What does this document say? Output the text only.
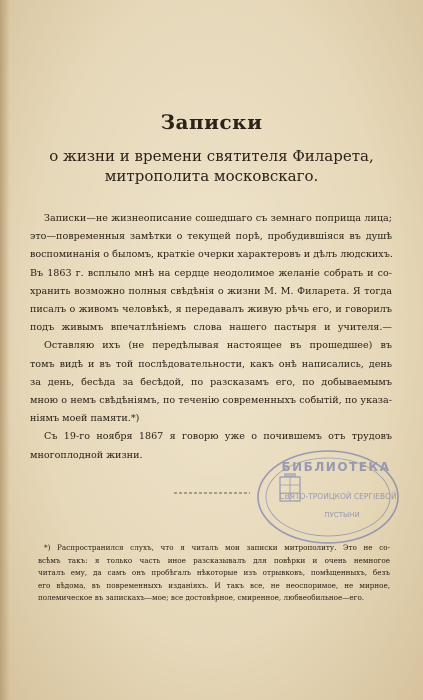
Записки
о жизни и времени святителя Филарета,
митрополита московскаго.
Записки—не жизнеописание сошедшаго съ земнаго поприща лица;
это—повременныя замѣтки о текущей порѣ, пробудившіяся въ душѣ
воспоминанія о быломъ, краткіе очерки характеровъ и дѣлъ людскихъ.
Въ 1863 г. всплыло мнѣ на сердце неодолимое желаніе собрать и со-
хранить возможно полныя свѣдѣнія о жизни М. М. Филарета. Я тогда
писалъ о живомъ человѣкѣ, я передавалъ живую рѣчь его, и говорилъ
подъ живымъ впечатлѣніемъ слова нашего пастыря и учителя.—
Оставляю ихъ (не передѣлывая настоящее въ прошедшее) въ
томъ видѣ и въ той послѣдовательности, какъ онѣ написались, день
за день, бесѣда за бесѣдой, по разсказамъ его, по добываемымъ
мною о немъ свѣдѣніямъ, по теченію современныхъ событій, по указа-
ніямъ моей памяти.*)
Съ 19-го ноября 1867 я говорю уже о почившемъ отъ трудовъ
многоплодной жизни.
БИБЛИОТЕКА
СВЯТО-ТРОИЦКОЙ СЕРГІЕВОЙ
ПУСТЫНИ
*) Распространился слухъ, что я читалъ мои записки митрополиту. Это не со-
всѣмъ такъ: я только часть иное разсказывалъ для повѣрки и очень немногое
читалъ ему, да самъ онъ пробѣгалъ нѣкоторые изъ отрывковъ, помѣщенныхъ, безъ
его вѣдома, въ повременныхъ изданіяхъ. И такъ все, не неоспоримое, не мирное,
полемическое въ запискахъ—мое; все достовѣрное, смиренное, любвеобильное—его.
